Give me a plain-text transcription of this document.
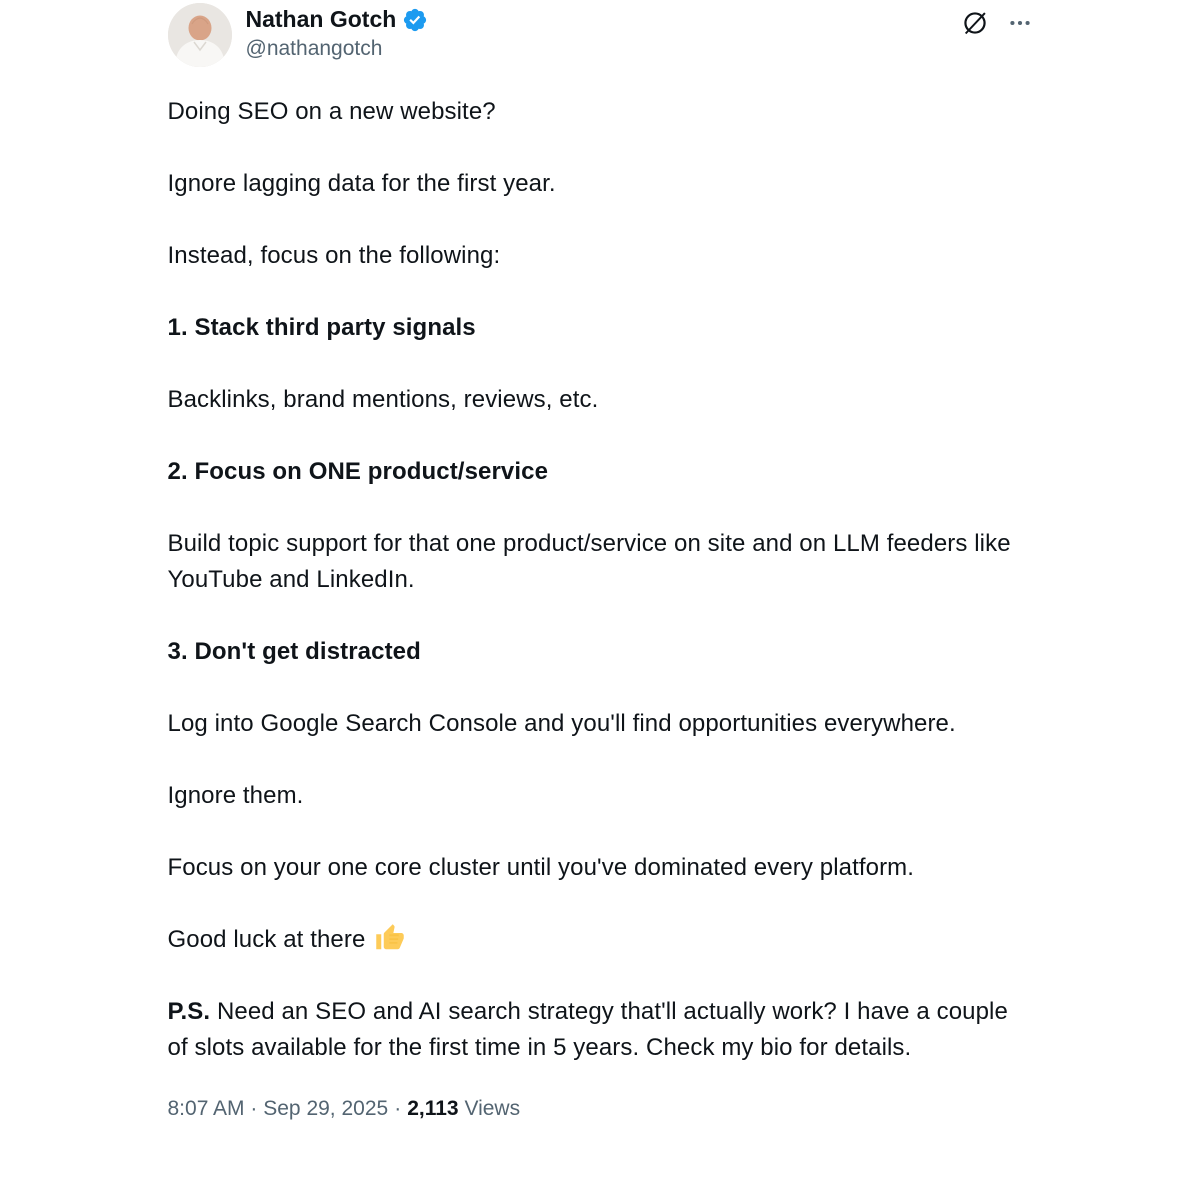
Nathan Gotch
@nathangotch

Doing SEO on a new website?

Ignore lagging data for the first year.

Instead, focus on the following:

1. Stack third party signals

Backlinks, brand mentions, reviews, etc.

2. Focus on ONE product/service

Build topic support for that one product/service on site and on LLM feeders like YouTube and LinkedIn.

3. Don't get distracted

Log into Google Search Console and you'll find opportunities everywhere.

Ignore them.

Focus on your one core cluster until you've dominated every platform.

Good luck at there

P.S. Need an SEO and AI search strategy that'll actually work? I have a couple of slots available for the first time in 5 years. Check my bio for details.

8:07 AM · Sep 29, 2025 · 2,113 Views
